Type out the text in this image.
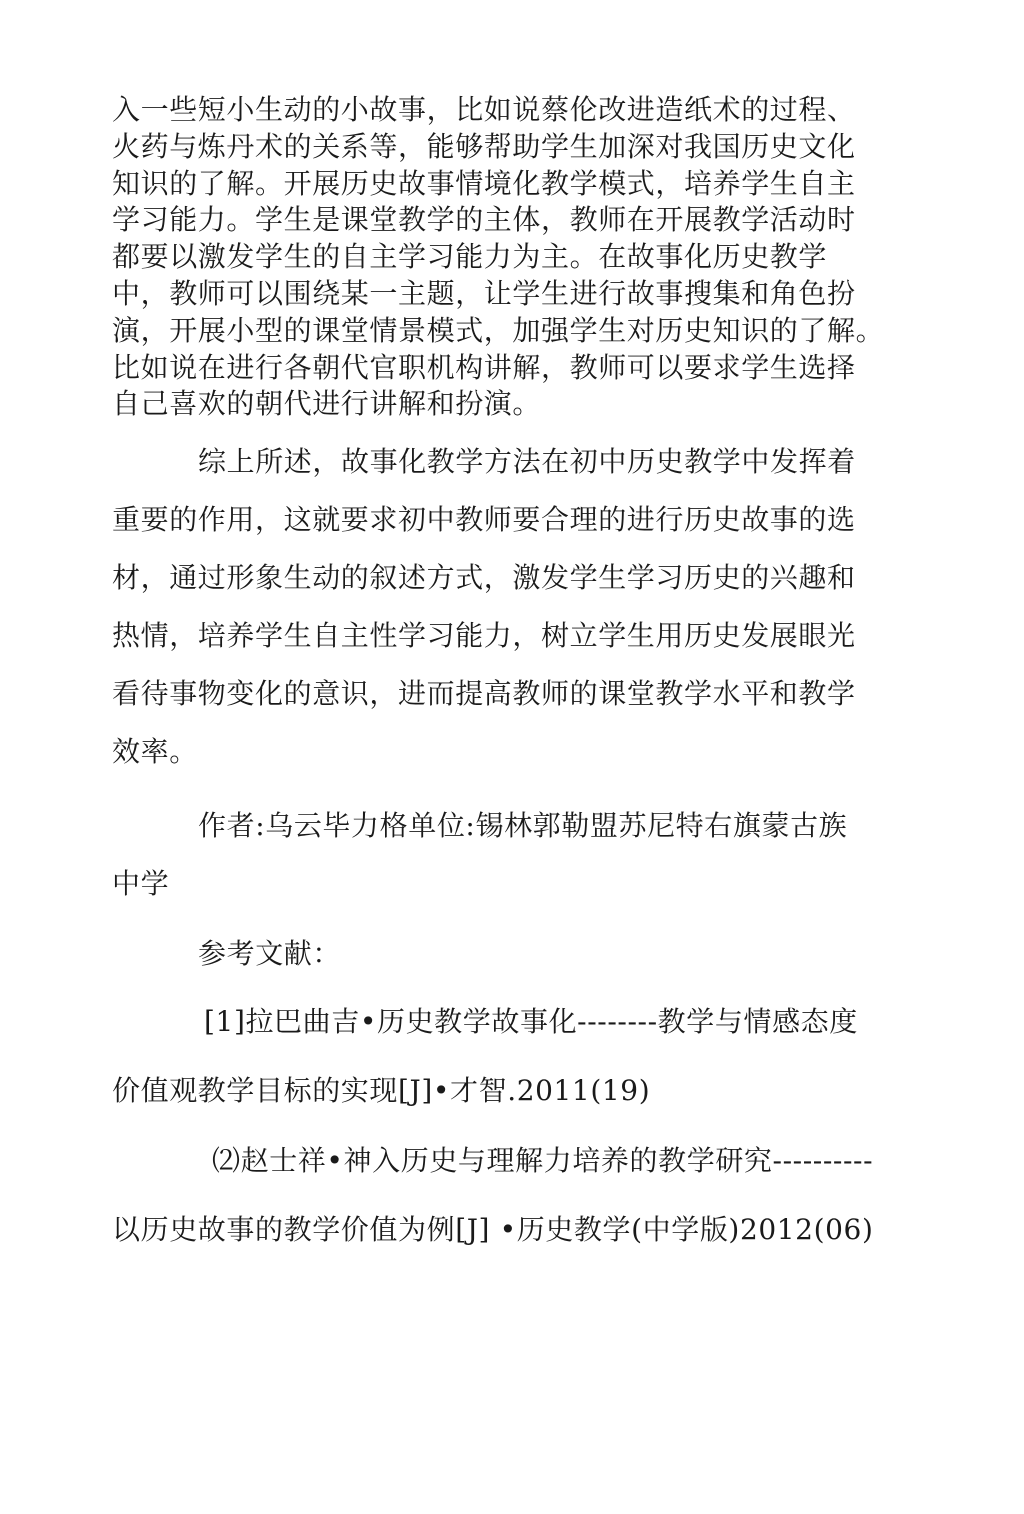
入一些短小生动的小故事，比如说蔡伦改进造纸术的过程、
火药与炼丹术的关系等，能够帮助学生加深对我国历史文化
知识的了解。开展历史故事情境化教学模式，培养学生自主
学习能力。学生是课堂教学的主体，教师在开展教学活动时
都要以激发学生的自主学习能力为主。在故事化历史教学
中，教师可以围绕某一主题，让学生进行故事搜集和角色扮
演，开展小型的课堂情景模式，加强学生对历史知识的了解。
比如说在进行各朝代官职机构讲解，教师可以要求学生选择
自己喜欢的朝代进行讲解和扮演。
综上所述，故事化教学方法在初中历史教学中发挥着
重要的作用，这就要求初中教师要合理的进行历史故事的选
材，通过形象生动的叙述方式，激发学生学习历史的兴趣和
热情，培养学生自主性学习能力，树立学生用历史发展眼光
看待事物变化的意识，进而提高教师的课堂教学水平和教学
效率。
作者:乌云毕力格单位:锡林郭勒盟苏尼特右旗蒙古族
中学
参考文献：
[1]拉巴曲吉•历史教学故事化--------教学与情感态度
价值观教学目标的实现[J]•才智.2011(19)
⑵赵士祥•神入历史与理解力培养的教学研究----------
以历史故事的教学价值为例[J] •历史教学(中学版)2012(06)
